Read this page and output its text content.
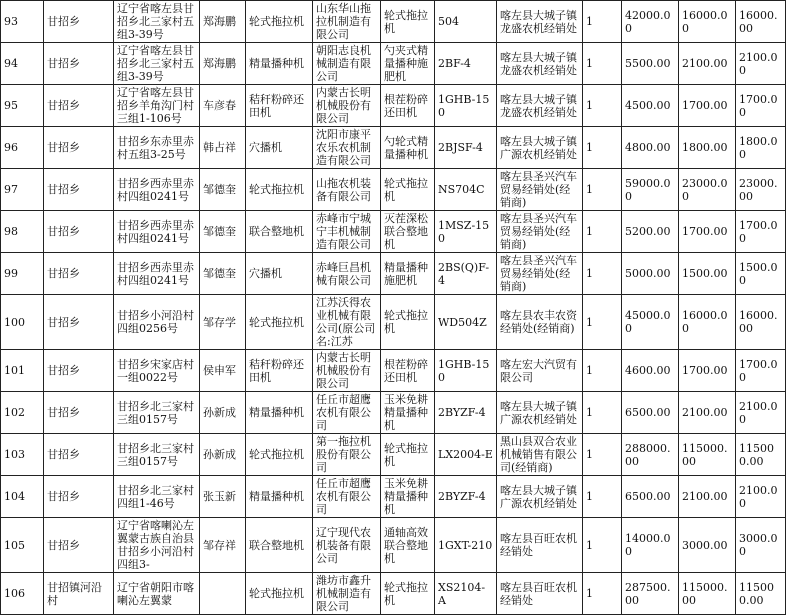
93	甘招乡	辽宁省喀左县甘招乡北三家村五组3-39号	郑海鹏	轮式拖拉机	山东华山拖拉机制造有限公司	轮式拖拉机	504	喀左县大城子镇龙盛农机经销处	1	42000.00	16000.00	16000.00
94	甘招乡	辽宁省喀左县甘招乡北三家村五组3-39号	郑海鹏	精量播种机	朝阳志良机械制造有限公司	勺夹式精量播种施肥机	2BF-4	喀左县大城子镇龙盛农机经销处	1	5500.00	2100.00	2100.00
95	甘招乡	辽宁省喀左县甘招乡羊角沟门村三组1-106号	车彦春	秸秆粉碎还田机	内蒙古长明机械股份有限公司	根茬粉碎还田机	1GHB-150	喀左县大城子镇龙盛农机经销处	1	4500.00	1700.00	1700.00
96	甘招乡	甘招乡东赤里赤村五组3-25号	韩占祥	穴播机	沈阳市康平农乐农机制造有限公司	勺轮式精量播种机	2BJSF-4	喀左县大城子镇广源农机经销处	1	4800.00	1800.00	1800.00
97	甘招乡	甘招乡西赤里赤村四组0241号	邹德奎	轮式拖拉机	山拖农机装备有限公司	轮式拖拉机	NS704C	喀左县圣兴汽车贸易经销处(经销商)	1	59000.00	23000.00	23000.00
98	甘招乡	甘招乡西赤里赤村四组0241号	邹德奎	联合整地机	赤峰市宁城宁丰机械制造有限公司	灭茬深松联合整地机	1MSZ-150	喀左县圣兴汽车贸易经销处(经销商)	1	5200.00	1700.00	1700.00
99	甘招乡	甘招乡西赤里赤村四组0241号	邹德奎	穴播机	赤峰巨昌机械有限公司	精量播种施肥机	2BS(Q)F-4	喀左县圣兴汽车贸易经销处(经销商)	1	5000.00	1500.00	1500.00
100	甘招乡	甘招乡小河沿村四组0256号	邹存学	轮式拖拉机	江苏沃得农业机械有限公司(原公司名:江苏	轮式拖拉机	WD504Z	喀左县农丰农资经销处(经销商)	1	45000.00	16000.00	16000.00
101	甘招乡	甘招乡宋家店村一组0022号	侯申军	秸秆粉碎还田机	内蒙古长明机械股份有限公司	根茬粉碎还田机	1GHB-150	喀左宏大汽贸有限公司	1	4600.00	1700.00	1700.00
102	甘招乡	甘招乡北三家村三组0157号	孙新成	精量播种机	任丘市超鹰农机有限公司	玉米免耕精量播种机	2BYZF-4	喀左县大城子镇广源农机经销处	1	6500.00	2100.00	2100.00
103	甘招乡	甘招乡北三家村三组0157号	孙新成	轮式拖拉机	第一拖拉机股份有限公司	轮式拖拉机	LX2004-E	黑山县双合农业机械销售有限公司(经销商)	1	288000.00	115000.00	115000.00
104	甘招乡	甘招乡北三家村四组1-46号	张玉新	精量播种机	任丘市超鹰农机有限公司	玉米免耕精量播种机	2BYZF-4	喀左县大城子镇广源农机经销处	1	6500.00	2100.00	2100.00
105	甘招乡	辽宁省喀喇沁左翼蒙古族自治县甘招乡小河沿村四组3-	邹存祥	联合整地机	辽宁现代农机装备有限公司	通轴高效联合整地机	1GXT-210	喀左县百旺农机经销处	1	14000.00	3000.00	3000.00
106	甘招镇河沿村	辽宁省朝阳市喀喇沁左翼蒙		轮式拖拉机	潍坊市鑫升机械制造有限公司	轮式拖拉机	XS2104-A	喀左县百旺农机经销处	1	287500.00	115000.00	115000.00
